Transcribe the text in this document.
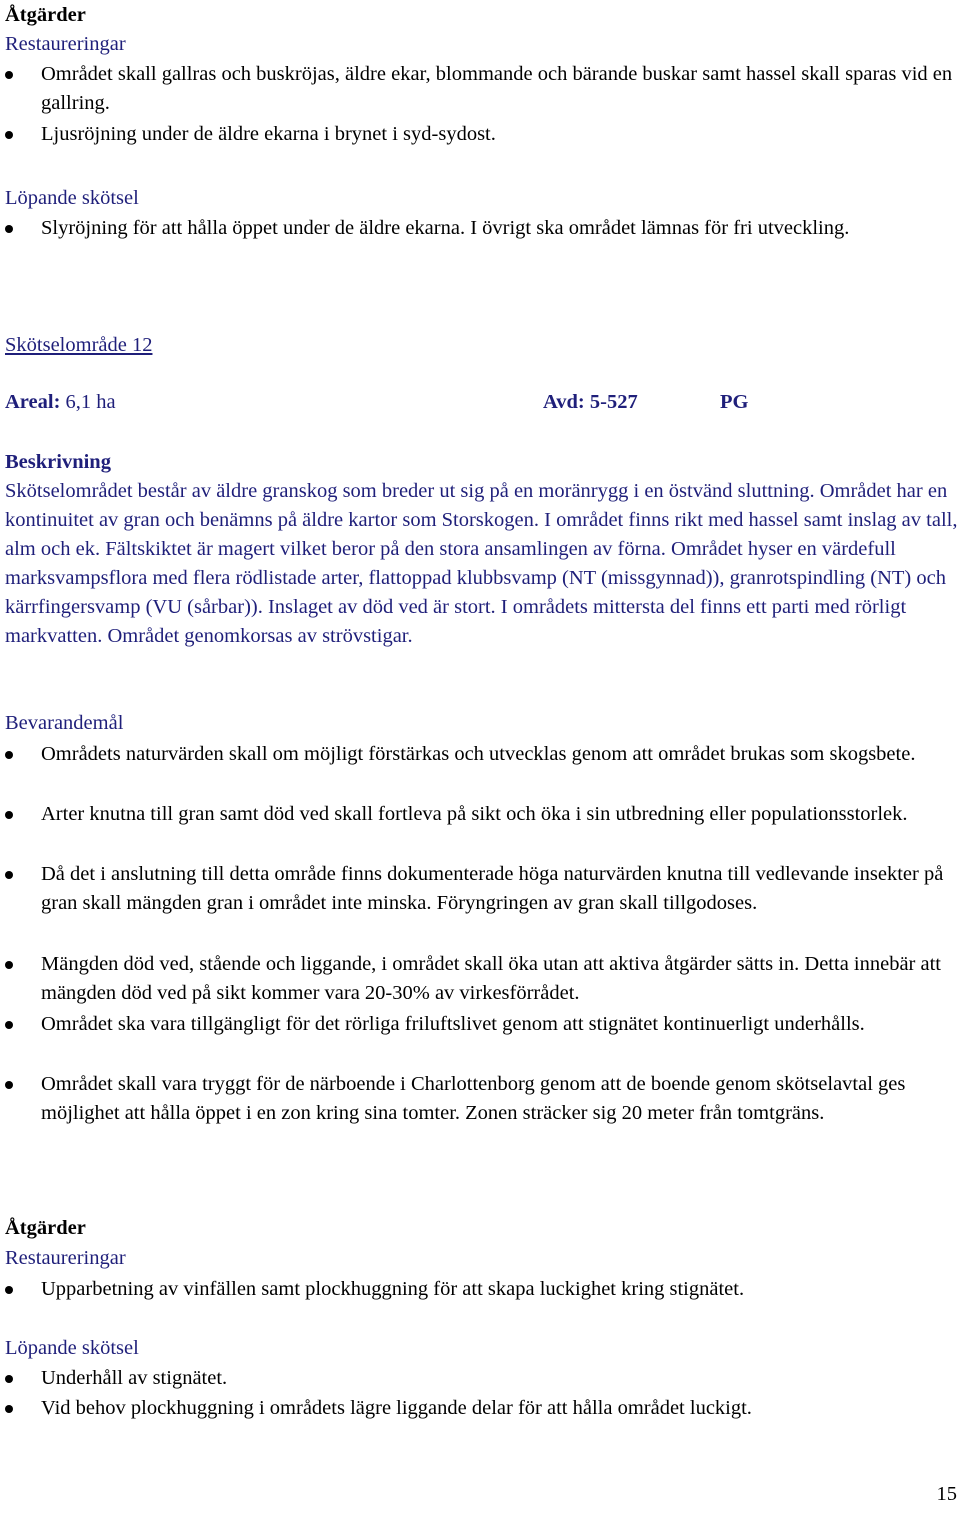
Åtgärder
Restaureringar
Området skall gallras och buskröjas, äldre ekar, blommande och bärande buskar samt hassel skall sparas vid en gallring.
Ljusröjning under de äldre ekarna i brynet i syd-sydost.
Löpande skötsel
Slyröjning för att hålla öppet under de äldre ekarna. I övrigt ska området lämnas för fri utveckling.
Skötselområde 12
Areal: 6,1 ha	Avd: 5-527	PG
Beskrivning

Skötselområdet består av äldre granskog som breder ut sig på en moränrygg i en östvänd sluttning. Området har en kontinuitet av gran och benämns på äldre kartor som Storskogen. I området finns rikt med hassel samt inslag av tall, alm och ek. Fältskiktet är magert vilket beror på den stora ansamlingen av förna. Området hyser en värdefull marksvampsflora med flera rödlistade arter, flattoppad klubbsvamp (NT (missgynnad)), granrotspindling (NT) och kärrfingersvamp (VU (sårbar)). Inslaget av död ved är stort. I områdets mittersta del finns ett parti med rörligt markvatten. Området genomkorsas av strövstigar.

Bevarandemål
Områdets naturvärden skall om möjligt förstärkas och utvecklas genom att området brukas som skogsbete.
Arter knutna till gran samt död ved skall fortleva på sikt och öka i sin utbredning eller populationsstorlek.
Då det i anslutning till detta område finns dokumenterade höga naturvärden knutna till vedlevande insekter på gran skall mängden gran i området inte minska. Föryngringen av gran skall tillgodoses.
Mängden död ved, stående och liggande, i området skall öka utan att aktiva åtgärder sätts in. Detta innebär att mängden död ved på sikt kommer vara 20-30% av virkesförrådet.
Området ska vara tillgängligt för det rörliga friluftslivet genom att stignätet kontinuerligt underhålls.
Området skall vara tryggt för de närboende i Charlottenborg genom att de boende genom skötselavtal ges möjlighet att hålla öppet i en zon kring sina tomter. Zonen sträcker sig 20 meter från tomtgräns.
Åtgärder
Restaureringar
Upparbetning av vinfällen samt plockhuggning för att skapa luckighet kring stignätet.
Löpande skötsel
Underhåll av stignätet.
Vid behov plockhuggning i områdets lägre liggande delar för att hålla området luckigt.
15
